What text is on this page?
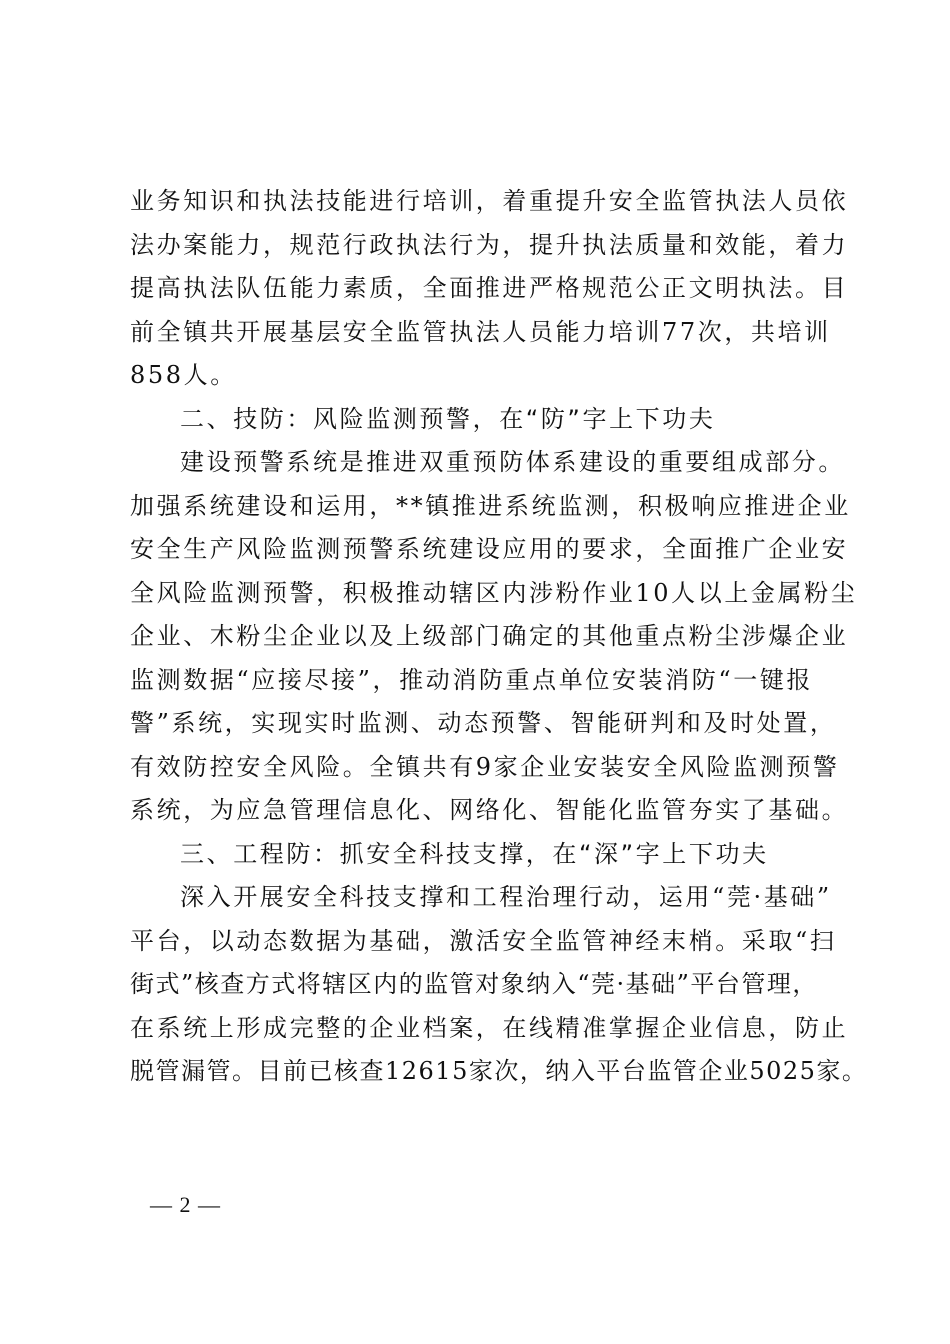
业务知识和执法技能进行培训，着重提升安全监管执法人员依
法办案能力，规范行政执法行为，提升执法质量和效能，着力
提高执法队伍能力素质，全面推进严格规范公正文明执法。目
前全镇共开展基层安全监管执法人员能力培训77次，共培训
858人。
二、技防：风险监测预警，在“防”字上下功夫
建设预警系统是推进双重预防体系建设的重要组成部分。
加强系统建设和运用，**镇推进系统监测，积极响应推进企业
安全生产风险监测预警系统建设应用的要求，全面推广企业安
全风险监测预警，积极推动辖区内涉粉作业10人以上金属粉尘
企业、木粉尘企业以及上级部门确定的其他重点粉尘涉爆企业
监测数据“应接尽接”，推动消防重点单位安装消防“一键报
警”系统，实现实时监测、动态预警、智能研判和及时处置，
有效防控安全风险。全镇共有9家企业安装安全风险监测预警
系统，为应急管理信息化、网络化、智能化监管夯实了基础。
三、工程防：抓安全科技支撑，在“深”字上下功夫
深入开展安全科技支撑和工程治理行动，运用“莞·基础”
平台，以动态数据为基础，激活安全监管神经末梢。采取“扫
街式”核查方式将辖区内的监管对象纳入“莞·基础”平台管理，
在系统上形成完整的企业档案，在线精准掌握企业信息，防止
脱管漏管。目前已核查12615家次，纳入平台监管企业5025家。
— 2 —
